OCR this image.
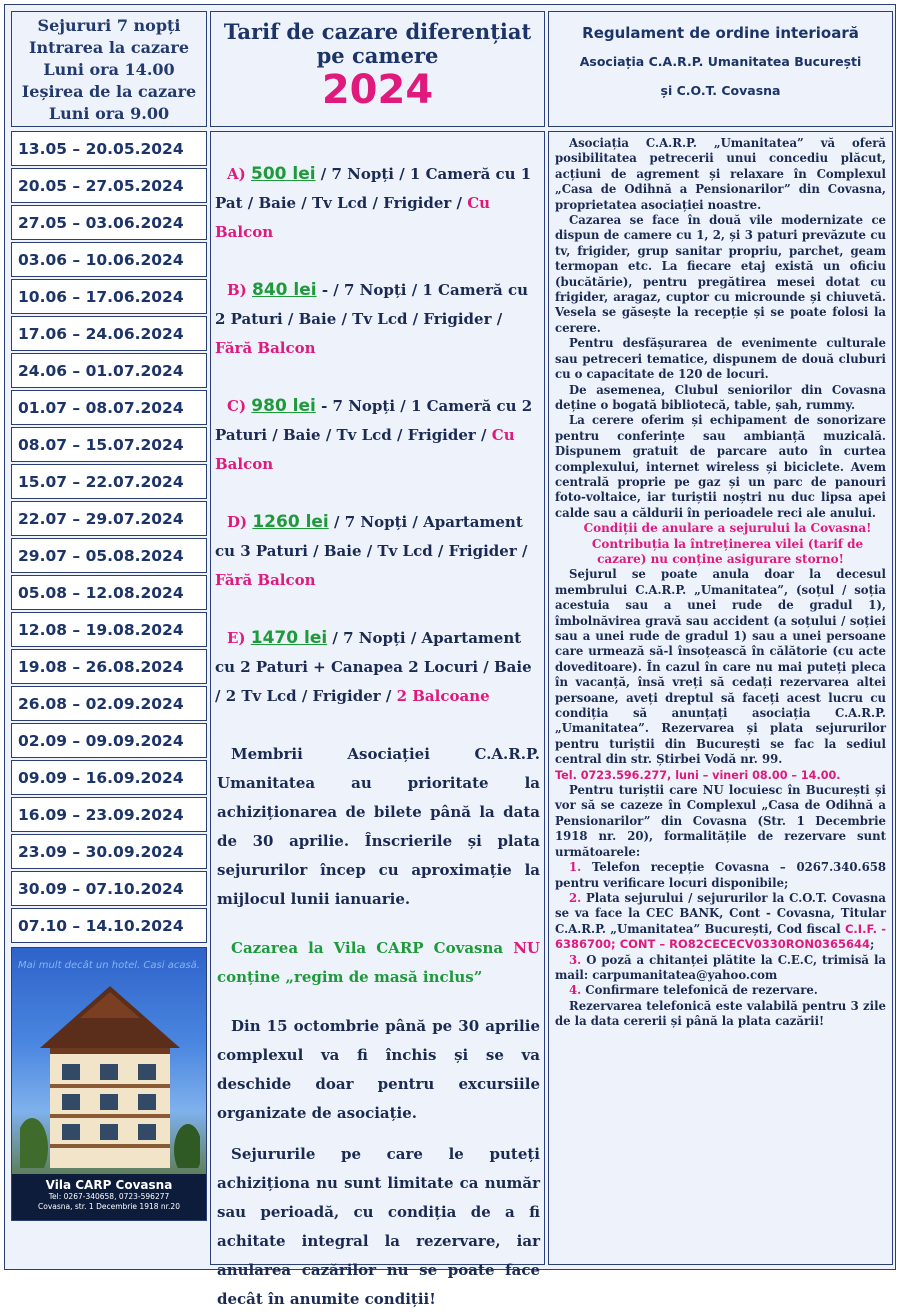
Sejururi 7 nopți
Intrarea la cazare
Luni ora 14.00
Ieșirea de la cazare
Luni ora 9.00
13.05 – 20.05.2024
20.05 – 27.05.2024
27.05 – 03.06.2024
03.06 – 10.06.2024
10.06 – 17.06.2024
17.06 – 24.06.2024
24.06 – 01.07.2024
01.07 – 08.07.2024
08.07 – 15.07.2024
15.07 – 22.07.2024
22.07 – 29.07.2024
29.07 – 05.08.2024
05.08 – 12.08.2024
12.08 – 19.08.2024
19.08 – 26.08.2024
26.08 – 02.09.2024
02.09 – 09.09.2024
09.09 – 16.09.2024
16.09 – 23.09.2024
23.09 – 30.09.2024
30.09 – 07.10.2024
07.10 – 14.10.2024
Mai mult decât un hotel. Casi acasă.
Vila CARP Covasna
Tel: 0267-340658, 0723-596277
Covasna, str. 1 Decembrie 1918 nr.20
Tarif de cazare diferențiat
pe camere
2024
A) 500 lei / 7 Nopți / 1 Cameră cu 1 Pat / Baie / Tv Lcd / Frigider / Cu Balcon
B) 840 lei - / 7 Nopți / 1 Cameră cu 2 Paturi / Baie / Tv Lcd / Frigider / Fără Balcon
C) 980 lei - 7 Nopți / 1 Cameră cu 2 Paturi / Baie / Tv Lcd / Frigider / Cu Balcon
D) 1260 lei / 7 Nopți / Apartament cu 3 Paturi / Baie / Tv Lcd / Frigider / Fără Balcon
E) 1470 lei / 7 Nopți / Apartament cu 2 Paturi + Canapea 2 Locuri / Baie / 2 Tv Lcd / Frigider / 2 Balcoane

Membrii Asociației C.A.R.P. Umanitatea au prioritate la achiziționarea de bilete până la data de 30 aprilie. Înscrierile și plata sejururilor încep cu aproximație la mijlocul lunii ianuarie.

Cazarea la Vila CARP Covasna NU conține „regim de masă inclus”

Din 15 octombrie până pe 30 aprilie complexul va fi închis și se va deschide doar pentru excursiile organizate de asociație.

Sejururile pe care le puteți achiziționa nu sunt limitate ca număr sau perioadă, cu condiția de a fi achitate integral la rezervare, iar anularea cazărilor nu se poate face decât în anumite condiții!

Regulament de ordine interioară
Asociația C.A.R.P. Umanitatea București
și C.O.T. Covasna

Asociația C.A.R.P. „Umanitatea” vă oferă posibilitatea petrecerii unui concediu plăcut, acțiuni de agrement și relaxare în Complexul „Casa de Odihnă a Pensionarilor” din Covasna, proprietatea asociației noastre.

Cazarea se face în două vile modernizate ce dispun de camere cu 1, 2, și 3 paturi prevăzute cu tv, frigider, grup sanitar propriu, parchet, geam termopan etc. La fiecare etaj există un oficiu (bucătărie), pentru pregătirea mesei dotat cu frigider, aragaz, cuptor cu microunde și chiuvetă. Vesela se găsește la recepție și se poate folosi la cerere.

Pentru desfășurarea de evenimente culturale sau petreceri tematice, dispunem de două cluburi cu o capacitate de 120 de locuri.

De asemenea, Clubul seniorilor din Covasna deține o bogată bibliotecă, table, șah, rummy.

La cerere oferim și echipament de sonorizare pentru conferințe sau ambianță muzicală. Dispunem gratuit de parcare auto în curtea complexului, internet wireless și biciclete. Avem centrală proprie pe gaz și un parc de panouri foto-voltaice, iar turiștii noștri nu duc lipsa apei calde sau a căldurii în perioadele reci ale anului.

Condiții de anulare a sejurului la Covasna!

Contribuția la întreținerea vilei (tarif de cazare) nu conține asigurare storno!

Sejurul se poate anula doar la decesul membrului C.A.R.P. „Umanitatea”, (soțul / soția acestuia sau a unei rude de gradul 1), îmbolnăvirea gravă sau accident (a soțului / soției sau a unei rude de gradul 1) sau a unei persoane care urmează să-l însoțească în călătorie (cu acte doveditoare). În cazul în care nu mai puteți pleca în vacanță, însă vreți să cedați rezervarea altei persoane, aveți dreptul să faceți acest lucru cu condiția să anunțați asociația C.A.R.P. „Umanitatea”. Rezervarea și plata sejururilor pentru turiștii din București se fac la sediul central din str. Știrbei Vodă nr. 99.

Tel. 0723.596.277, luni – vineri 08.00 – 14.00.

Pentru turiștii care NU locuiesc în București și vor să se cazeze în Complexul „Casa de Odihnă a Pensionarilor” din Covasna (Str. 1 Decembrie 1918 nr. 20), formalitățile de rezervare sunt următoarele:

1. Telefon recepție Covasna – 0267.340.658 pentru verificare locuri disponibile;

2. Plata sejurului / sejururilor la C.O.T. Covasna se va face la CEC BANK, Cont - Covasna, Titular C.A.R.P. „Umanitatea” București, Cod fiscal C.I.F. - 6386700; CONT – RO82CECECV0330RON0365644;

3. O poză a chitanței plătite la C.E.C, trimisă la mail: carpumanitatea@yahoo.com

4. Confirmare telefonică de rezervare.

Rezervarea telefonică este valabilă pentru 3 zile de la data cererii și până la plata cazării!
